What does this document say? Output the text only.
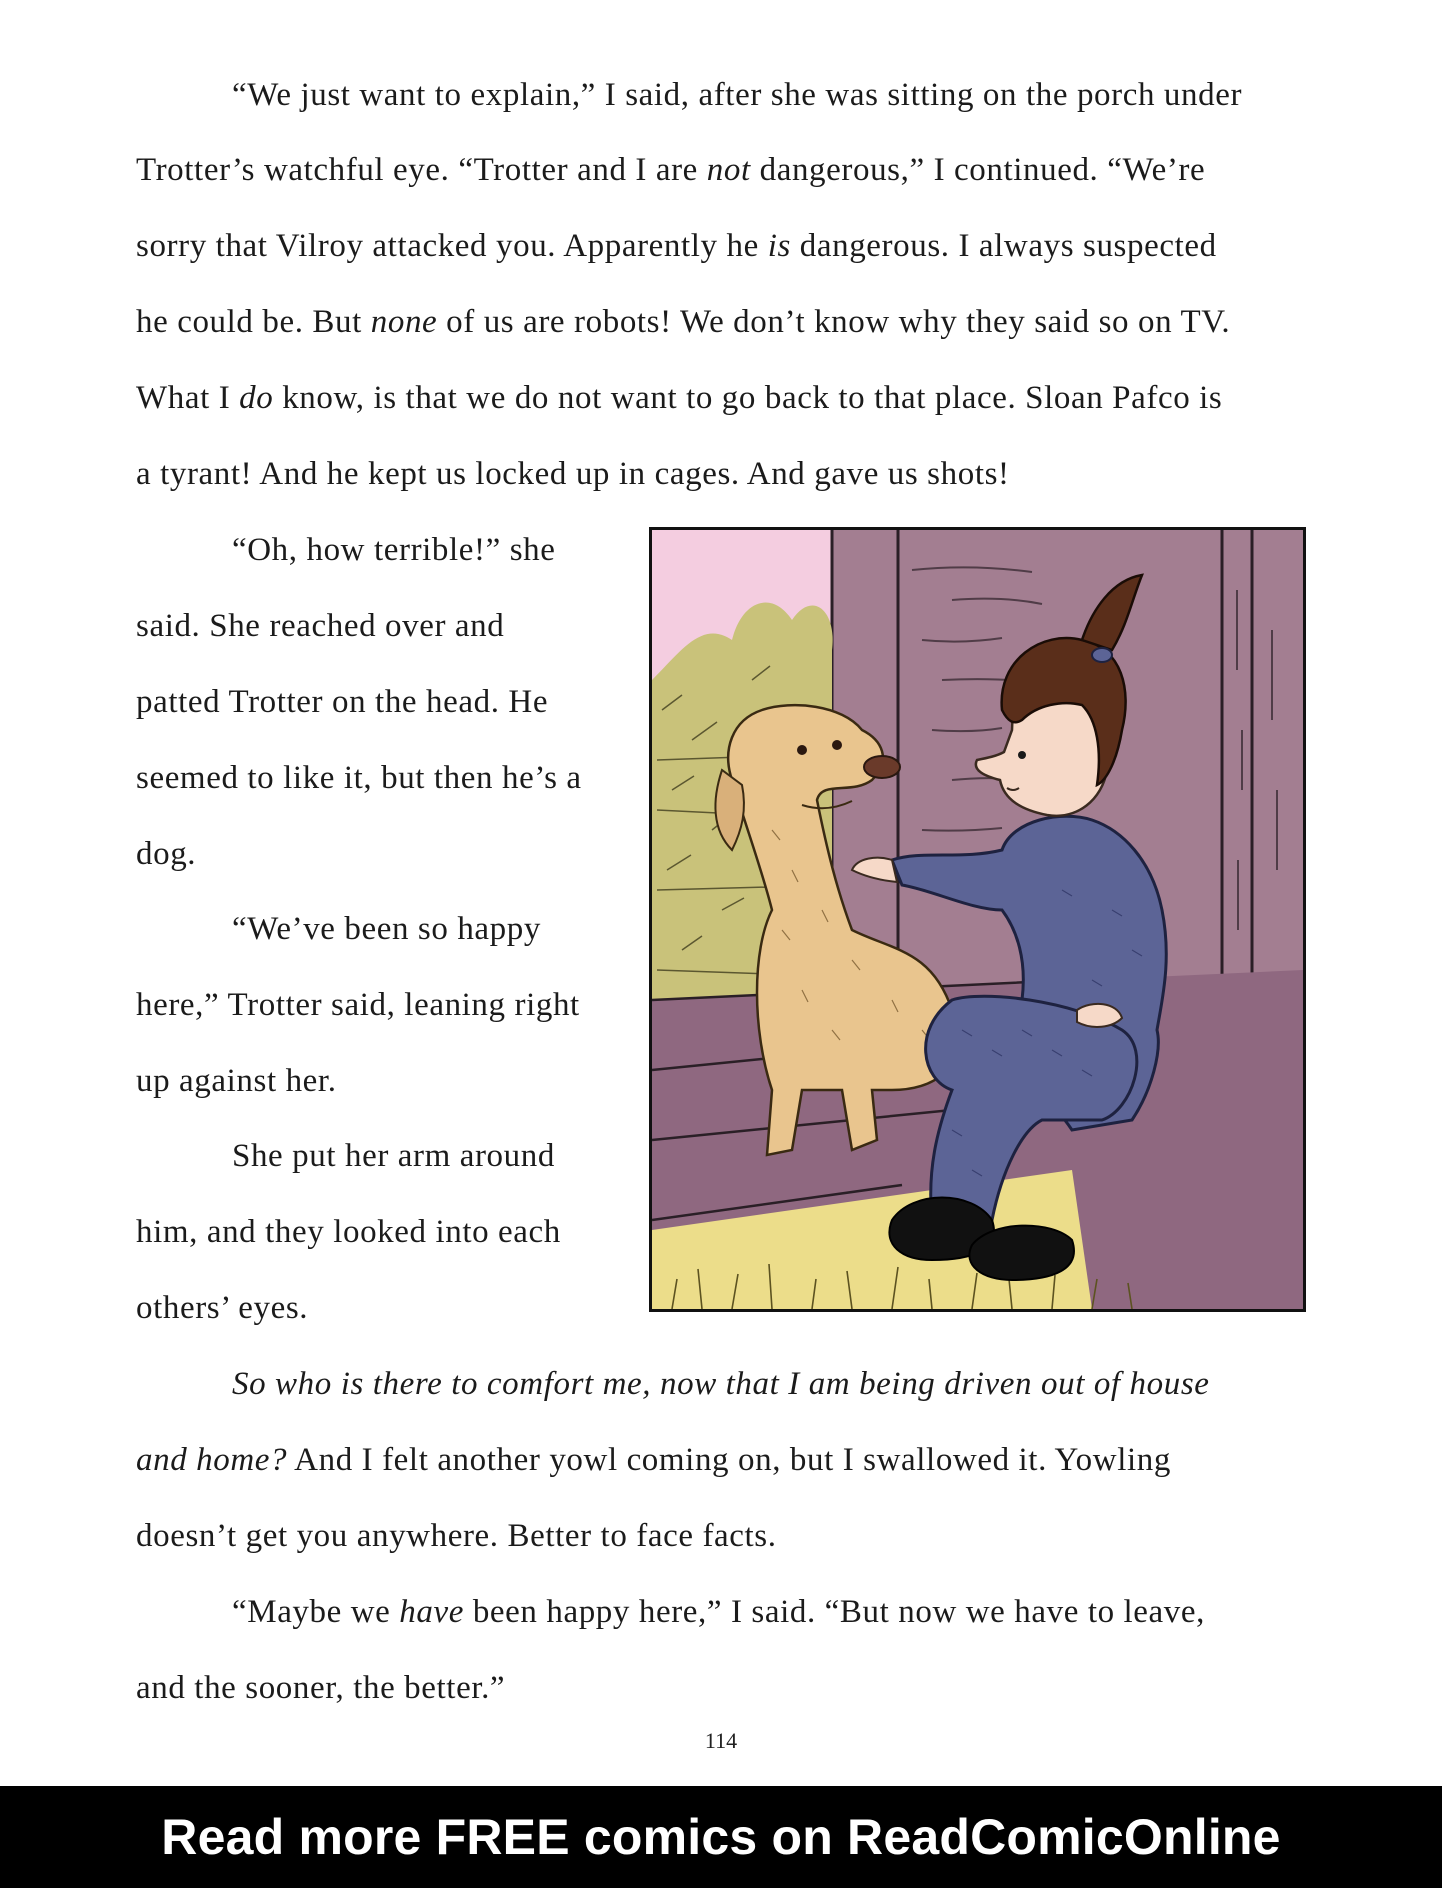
“We just want to explain,” I said, after she was sitting on the porch under
Trotter’s watchful eye. “Trotter and I are not dangerous,” I continued. “We’re
sorry that Vilroy attacked you. Apparently he is dangerous. I always suspected
he could be. But none of us are robots! We don’t know why they said so on TV.
What I do know, is that we do not want to go back to that place. Sloan Pafco is
a tyrant! And he kept us locked up in cages. And gave us shots!
“Oh, how terrible!” she
said. She reached over and
patted Trotter on the head. He
seemed to like it, but then he’s a
dog.
“We’ve been so happy
here,” Trotter said, leaning right
up against her.
She put her arm around
him, and they looked into each
others’ eyes.
So who is there to comfort me, now that I am being driven out of house
and home? And I felt another yowl coming on, but I swallowed it. Yowling
doesn’t get you anywhere. Better to face facts.
“Maybe we have been happy here,” I said. “But now we have to leave,
and the sooner, the better.”
114
Read more FREE comics on ReadComicOnline
